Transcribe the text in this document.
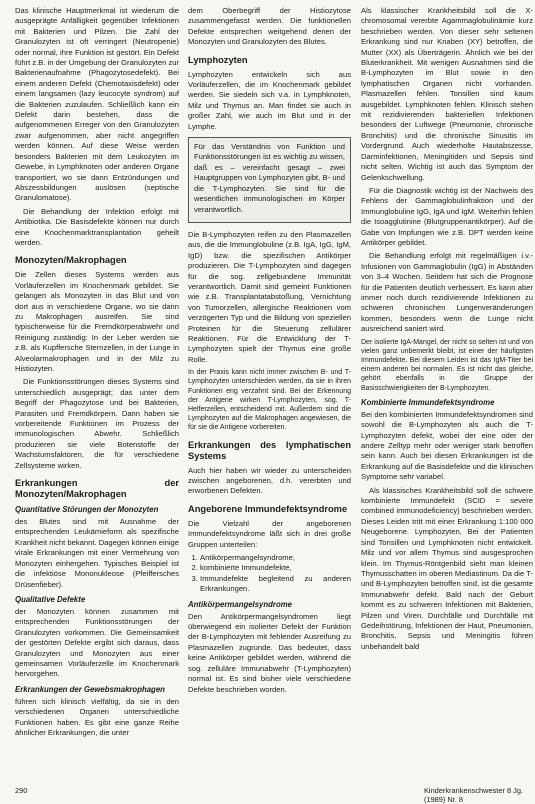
Das klinische Hauptmerkmal ist wiederum die ausgeprägte Anfälligkeit gegenüber Infektionen mit Bakterien und Pilzen. Die Zahl der Granulozyten ist oft verringert (Neutropenie) oder normal, ihre Funktion ist gestört. Ein Defekt führt z.B. in der Umgebung der Granulozyten zur Bakterienaufnahme (Phagozytosedefekt). Bei einem anderen Defekt (Chemotaxisdefekt) oder einem langsamen (lazy leucocyte syndrom) auf die Bakterien zuzulaufen. Schließlich kann ein Defekt darin bestehen, dass die aufgenommenen Erreger von den Granulozyten zwar aufgenommen, aber nicht angegriffen werden können. Auf diese Weise werden besonders Bakterien mit dem Leukozyten im Gewebe, in Lymphknoten oder anderen Organe transportiert, wo sie dann Entzündungen und Abszessbildungen auslösen (septische Granulomatose).

Die Behandlung der Infektion erfolgt mit Antibiotika. Die Basisdefekte können nur durch eine Knochenmarktransplantation geheilt werden.

Monozyten/Makrophagen

Die Zellen dieses Systems werden aus Vorläuferzellen im Knochenmark gebildet. Sie gelangen als Monozyten in das Blut und von dort aus in verschiedene Organe, wo sie dann zu Makrophagen ausreifen. Sie sind typischerweise für die Fremdkörperabwehr und Reinigung zuständig: In der Leber werden sie z.B. als Kupffersche Sternzellen, in der Lunge in Alveolarmakrophagen und in der Milz zu Histiozyten.

Die Funktionsstörungen dieses Systems sind unterschiedlich ausgeprägt; das unter dem Begriff der Phagozytose und bei Bakterien, Parasiten und Fremdkörpern. Dann haben sie vorbereitende Funktionen im Prozess der immunologischen Abwehr. Schließlich produzieren sie viele Botenstoffe der Wachstumsfaktoren, die für verschiedene Zellsysteme wirken.

Erkrankungen der Monozyten/Makrophagen
Quantitative Störungen der Monozyten

des Blutes sind mit Ausnahme der entsprechenden Leukämieform als spezifische Krankheit nicht bekannt. Dagegen können einige virale Erkrankungen mit einer Vermehrung von Monozyten einhergehen. Typisches Beispiel ist die infektiöse Mononukleose (Pfeiffersches Drüsenfieber).

Qualitative Defekte

der Monozyten können zusammen mit entsprechenden Funktionsstörungen der Granulozyten vorkommen. Die Gemeinsamkeit der gestörten Defekte ergibt sich daraus, dass Granulozyten und Monozyten aus einer gemeinsamen Vorläuferzelle im Knochenmark hervorgehen.

Erkrankungen der Gewebsmakrophagen

führen sich klinisch vielfältig, da sie in den verschiedenen Organen unterschiedliche Funktionen haben. Es gibt eine ganze Reihe ähnlicher Erkrankungen, die unter

dem Oberbegriff der Histiozytose zusammengefasst werden. Die funktionellen Defekte entsprechen weitgehend denen der Monozyten und Granulozyten des Blutes.

Lymphozyten

Lymphozyten entwickeln sich aus Vorläuferzellen, die im Knochenmark gebildet werden. Sie siedeln sich v.a. in Lymphknoten, Milz und Thymus an. Man findet sie auch in großer Zahl, wie auch im Blut und in der Lymphe.

Für das Verständnis von Funktion und Funktionsstörungen ist es wichtig zu wissen, daß es – vereinfacht gesagt – zwei Hauptgruppen von Lymphozyten gibt, B- und die T-Lymphozyten. Sie sind für die wesentlichen immunologischen im Körper verantwortlich.

Die B-Lymphozyten reifen zu den Plasmazellen aus, die die Immunglobuline (z.B. IgA, IgG, IgM, IgD) bzw. die spezifischen Antikörper produzieren. Die T-Lymphozyten sind dagegen für die sog. zellgebundene Immunität verantwortlich. Damit sind gemeint Funktionen wie z.B. Transplantatabstoßung, Vernichtung von Tumorzellen, allergische Reaktionen vom verzögerten Typ und die Bildung von speziellen Proteinen für die Steuerung zellulärer Reaktionen. Für die Entwicklung der T-Lymphozyten spielt der Thymus eine große Rolle.

In der Praxis kann nicht immer zwischen B- und T-Lymphozyten unterschieden werden, da sie in ihren Funktionen eng verzahnt sind. Bei der Erkennung der Antigene wirken T-Lymphozyten, sog. T-Helferzellen, entscheidend mit. Außerdem sind die Lymphozyten auf die Makrophagen angewiesen, die für sie die Antigene vorbereiten.

Erkrankungen des lymphatischen Systems

Auch hier haben wir wieder zu unterscheiden zwischen angeborenen, d.h. vererbten und erworbenen Defekten.

Angeborene Immundefektsyndrome

Die Vielzahl der angeborenen Immundefektsyndrome läßt sich in drei große Gruppen unterteilen:

1. Antikörpermangelsyndrome,
2. kombinierte Immundefekte,
3. Immundefekte begleitend zu anderen Erkrankungen.
Antikörpermangelsyndrome

Den Antikörpermangelsyndromen liegt überwiegend ein isolierter Defekt der Funktion der B-Lymphozyten mit fehlender Ausreifung zu Plasmazellen zugrunde. Das bedeutet, dass keine Antikörper gebildet werden, während die sog. zelluläre Immunabwehr (T-Lymphozyten) normal ist. Es sind bisher viele verschiedene Defekte beschrieben worden.

Als klassischer Krankheitsbild soll die X-chromosomal vererbte Agammaglobulinämie kurz beschrieben werden. Von dieser sehr seltenen Erkrankung sind nur Knaben (XY) betroffen, die Mutter (XX) als Überträgerin. Ähnlich wie bei der Bluterkrankheit. Mit wenigen Ausnahmen sind die B-Lymphozyten im Blut sowie in den lymphatischen Organen nicht vorhanden. Plasmazellen fehlen. Tonsillen sind kaum ausgebildet. Lymphknoten fehlen. Klinisch stehen mit rezidivierenden bakteriellen Infektionen besonders der Luftwege (Pneumonie, chronische Bronchitis) und die chronische Sinusitis im Vordergrund. Auch wiederholte Hautabszesse, Darminfektionen, Meningitiden und Sepsis sind nicht selten. Wichtig ist auch das Symptom der Gelenkschwellung.

Für die Diagnostik wichtig ist der Nachweis des Fehlens der Gammaglobulinfraktion und der Immunglobuline IgG, IgA und IgM. Weiterhin fehlen die Isoagglutinine (Blutgruppenantikörper). Auf die Gabe von Impfungen wie z.B. DPT werden keine Antikörper gebildet.

Die Behandlung erfolgt mit regelmäßigen i.v.-Infusionen von Gammaglobulin (IgG) in Abständen von 3–4 Wochen. Seitdem hat sich die Prognose für die Patienten deutlich verbessert. Es kann aber immer noch durch rezidivierende Infektionen zu schweren chronischen Lungenveränderungen kommen, besonders wenn die Lunge nicht ausreichend saniert wird.

Der isolierte IgA-Mangel, der nicht so selten ist und von vielen ganz unbemerkt bleibt, ist einer der häufigsten Immundefekte. Bei diesem Leiden ist das IgM-Titer bei einem anderen bei normalen. Es ist nicht das gleiche, gehört ebenfalls in die Gruppe der Basisschwierigkeiten der B-Lymphozyten.

Kombinierte Immundefektsyndrome

Bei den kombinierten Immundefektsyndromen sind sowohl die B-Lymphozyten als auch die T-Lymphozyten defekt, wobei der eine oder der andere Zelltyp mehr oder weniger stark betroffen sein kann. Auch bei diesen Erkrankungen ist die Erkrankung auf die Basisdefekte und die klinischen Symptome sehr variabel.

Als klassisches Krankheitsbild soll die schwere kombinierte Immundefekt (SCID = severe combined immunodeficiency) beschrieben werden. Dieses Leiden tritt mit einer Erkrankung 1:100 000 Neugeborene. Lymphozyten, Bei der Patienten sind Tonsillen und Lymphknoten nicht entwickelt. Milz und vor allem Thymus sind ausgesprochen klein. Im Thymus-Röntgenbild sieht man kleinen Thymusschatten im oberen Mediastinum. Da die T- und B-Lymphozyten betroffen sind, ist die gesamte Immunabwehr defekt. Bald nach der Geburt kommt es zu schweren Infektionen mit Bakterien, Pilzen und Viren. Durchfälle und Durchfälle mit Gedeihstörung, Infektionen der Haut, Pneumonien, Bronchitis, Sepsis und Meningitis führen unbehandelt bald

290	Kinderkrankenschwester 8 Jg. (1989) Nr. 8
